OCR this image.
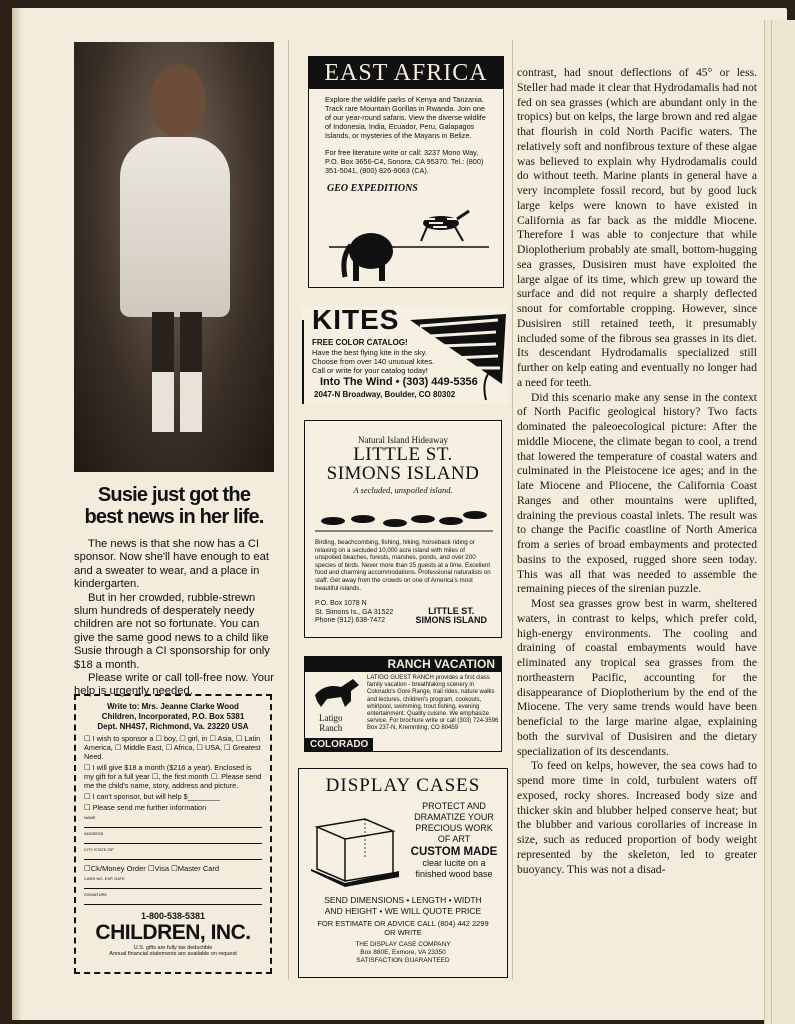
Susie just got the
best news in her life.

The news is that she now has a CI sponsor. Now she'll have enough to eat and a sweater to wear, and a place in kindergarten.

But in her crowded, rubble-strewn slum hundreds of desperately needy children are not so fortunate. You can give the same good news to a child like Susie through a CI sponsorship for only $18 a month.

Please write or call toll-free now. Your help is urgently needed.

Write to: Mrs. Jeanne Clarke Wood
Children, Incorporated, P.O. Box 5381
Dept. NH4S7, Richmond, Va. 23220 USA
☐ I wish to sponsor a ☐ boy, ☐ girl, in ☐ Asia, ☐ Latin America, ☐ Middle East, ☐ Africa, ☐ USA, ☐ Greatest Need.
☐ I will give $18 a month ($216 a year). Enclosed is my gift for a full year ☐, the first month ☐. Please send me the child's name, story, address and picture.
☐ I can't sponsor, but will help $________
☐ Please send me further information
NAME
ADDRESS
CITY STATE ZIP
☐Ck/Money Order ☐Visa ☐Master Card
CARD NO. EXP. DATE
SIGNATURE
1-800-538-5381
CHILDREN, INC.
U.S. gifts are fully tax deductible
Annual financial statements are available on request
EAST AFRICA
Explore the wildlife parks of Kenya and Tanzania. Track rare Mountain Gorillas in Rwanda. Join one of our year-round safaris. View the diverse wildlife of Indonesia, India, Ecuador, Peru, Galapagos Islands, or mysteries of the Mayans in Belize.
For free literature write or call: 3237 Mono Way, P.O. Box 3656-C4, Sonora, CA 95370. Tel.: (800) 351-5041, (800) 826-9063 (CA).
GEO EXPEDITIONS
KITES
FREE COLOR CATALOG!
Have the best flying kite in the sky. Choose from over 140 unusual kites. Call or write for your catalog today!
Into The Wind • (303) 449-5356
2047-N Broadway, Boulder, CO 80302
Natural Island Hideaway
LITTLE ST.
SIMONS ISLAND
A secluded, unspoiled island.
Birding, beachcombing, fishing, hiking, horseback riding or relaxing on a secluded 10,000 acre island with miles of unspoiled beaches, forests, marshes, ponds, and over 200 species of birds. Never more than 25 guests at a time. Excellent food and charming accommodations. Professional naturalists on staff. Get away from the crowds on one of America's most beautiful islands.
P.O. Box 1078 N
St. Simons Is., GA 31522
Phone (912) 638-7472
LITTLE ST.
SIMONS ISLAND
RANCH VACATION
Latigo
Ranch
LATIGO GUEST RANCH provides a first class family vacation - breathtaking scenery in Colorado's Gore Range, trail rides, nature walks and lectures, children's program, cookouts, whirlpool, swimming, trout fishing, evening entertainment. Quality cuisine. We emphasize service. For brochure write or call (303) 724-3596 Box 237-N, Kremmling, CO 80459
COLORADO
DISPLAY CASES
PROTECT AND
DRAMATIZE YOUR
PRECIOUS WORK
OF ART
CUSTOM MADE
clear lucite on a
finished wood base
SEND DIMENSIONS • LENGTH • WIDTH
AND HEIGHT • WE WILL QUOTE PRICE
FOR ESTIMATE OR ADVICE CALL (804) 442 2299
OR WRITE
THE DISPLAY CASE COMPANY
Box 880E, Exmore, VA 23350
SATISFACTION GUARANTEED

contrast, had snout deflections of 45° or less. Steller had made it clear that Hydrodamalis had not fed on sea grasses (which are abundant only in the tropics) but on kelps, the large brown and red algae that flourish in cold North Pacific waters. The relatively soft and nonfibrous texture of these algae was believed to explain why Hydrodamalis could do without teeth. Marine plants in general have a very incomplete fossil record, but by good luck large kelps were known to have existed in California as far back as the middle Miocene. Therefore I was able to conjecture that while Dioplotherium probably ate small, bottom-hugging sea grasses, Dusisiren must have exploited the large algae of its time, which grew up toward the surface and did not require a sharply deflected snout for comfortable cropping. However, since Dusisiren still retained teeth, it presumably included some of the fibrous sea grasses in its diet. Its descendant Hydrodamalis specialized still further on kelp eating and eventually no longer had a need for teeth.

Did this scenario make any sense in the context of North Pacific geological history? Two facts dominated the paleoecological picture: After the middle Miocene, the climate began to cool, a trend that lowered the temperature of coastal waters and culminated in the Pleistocene ice ages; and in the late Miocene and Pliocene, the California Coast Ranges and other mountains were uplifted, draining the previous coastal inlets. The result was to change the Pacific coastline of North America from a series of broad embayments and protected basins to the exposed, rugged shore seen today. This was all that was needed to assemble the remaining pieces of the sirenian puzzle.

Most sea grasses grow best in warm, sheltered waters, in contrast to kelps, which prefer cold, high-energy environments. The cooling and draining of coastal embayments would have eliminated any tropical sea grasses from the northeastern Pacific, accounting for the disappearance of Dioplotherium by the end of the Miocene. The very same trends would have been beneficial to the large marine algae, explaining both the survival of Dusisiren and the dietary specialization of its descendants.

To feed on kelps, however, the sea cows had to spend more time in cold, turbulent waters off exposed, rocky shores. Increased body size and thicker skin and blubber helped conserve heat; but the blubber and various corollaries of increase in size, such as reduced proportion of body weight represented by the skeleton, led to greater buoyancy. This was not a disad-
